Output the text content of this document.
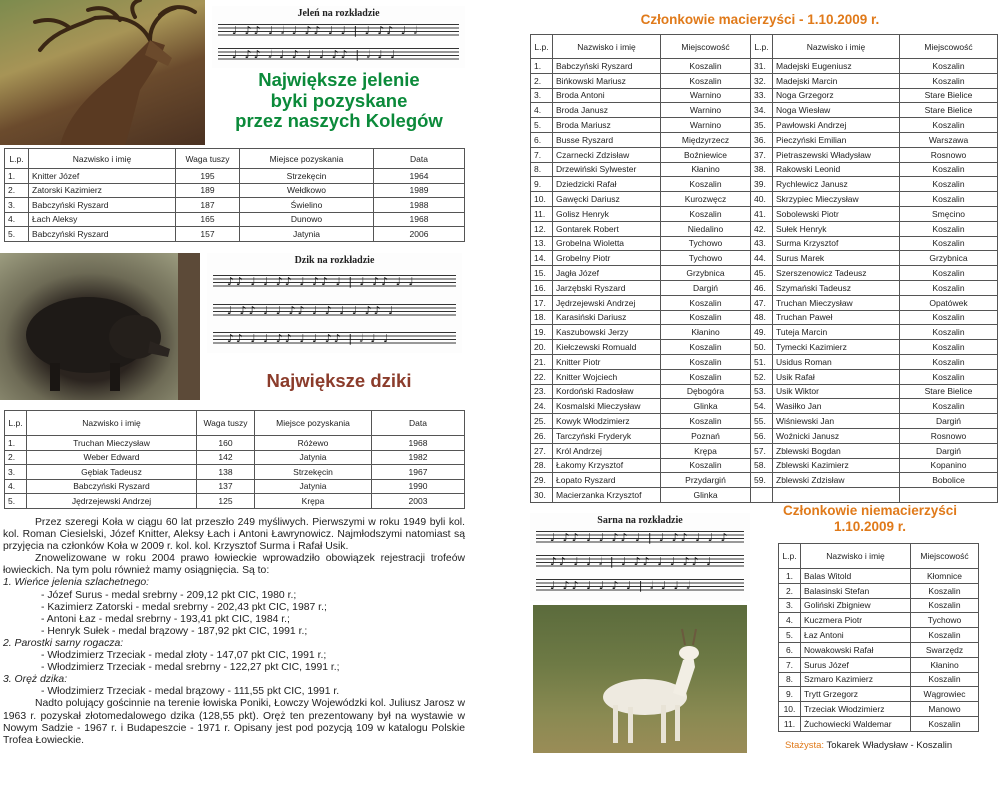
Jeleń na rozkładzie
♩ ♪♪ ♩ 𝅗𝅥 ♩ ♪♪ ♩ ♩ | ♩ ♪♪ ♩ 𝅗𝅥
♩ ♪♪ 𝅗𝅥 ♩ ♪ ♩ ♩ ♪♪ | 𝅗𝅥 ♩ ♩
Największe jelenie
byki pozyskane
przez naszych Kolegów
L.p.	Nazwisko i imię	Waga tuszy	Miejsce pozyskania	Data
1.	Knitter Józef	195	Strzekęcin	1964
2.	Zatorski Kazimierz	189	Wełdkowo	1989
3.	Babczyński Ryszard	187	Świelino	1988
4.	Łach Aleksy	165	Dunowo	1968
5.	Babczyński Ryszard	157	Jatynia	2006
Dzik na rozkładzie
♪♪ ♩ ♩ ♪♪ ♩ ♪♪ ♩ | ♩ ♪♪ ♩ ♩
♩ ♪♪ ♩ ♩ ♪♪ ♩ ♪ ♩ ♩ ♪♪ ♩
♪♪ ♩ ♩ ♪♪ ♩ ♩ ♪♪ | 𝅗𝅥 ♩ ♩
Największe dziki
L.p.	Nazwisko i imię	Waga tuszy	Miejsce pozyskania	Data
1.	Truchan Mieczysław	160	Różewo	1968
2.	Weber Edward	142	Jatynia	1982
3.	Gębiak Tadeusz	138	Strzekęcin	1967
4.	Babczyński Ryszard	137	Jatynia	1990
5.	Jędrzejewski Andrzej	125	Krępa	2003

Przez szeregi Koła w ciągu 60 lat przeszło 249 myśliwych. Pierwszymi w roku 1949 byli kol. kol. Roman Ciesielski, Józef Knitter, Aleksy Łach i Antoni Ławrynowicz. Najmłodszymi natomiast są przyjęcia na członków Koła w 2009 r. kol. kol. Krzysztof Surma i Rafał Usik.

Znowelizowane w roku 2004 prawo łowieckie wprowadziło obowiązek rejestracji trofeów łowieckich. Na tym polu również mamy osiągnięcia. Są to:

1. Wieńce jelenia szlachetnego:

- Józef Surus - medal srebrny - 209,12 pkt CIC, 1980 r.;

- Kazimierz Zatorski - medal srebrny - 202,43 pkt CIC, 1987 r.;

- Antoni Łaz - medal srebrny - 193,41 pkt CIC, 1984 r.;

- Henryk Sułek - medal brązowy - 187,92 pkt CIC, 1991 r.;

2. Parostki sarny rogacza:

- Włodzimierz Trzeciak - medal złoty - 147,07 pkt CIC, 1991 r.;

- Włodzimierz Trzeciak - medal srebrny - 122,27 pkt CIC, 1991 r.;

3. Oręż dzika:

- Włodzimierz Trzeciak - medal brązowy - 111,55 pkt CIC, 1991 r.

Nadto polujący gościnnie na terenie łowiska Poniki, Łowczy Wojewódzki kol. Juliusz Jarosz w 1963 r. pozyskał złotomedalowego dzika (128,55 pkt). Oręż ten prezentowany był na wystawie w Nowym Sadzie - 1967 r. i Budapeszcie - 1971 r. Opisany jest pod pozycją 109 w katalogu Polskie Trofea Łowieckie.

Członkowie macierzyści - 1.10.2009 r.
L.p.	Nazwisko i imię	Miejscowość	L.p.	Nazwisko i imię	Miejscowość
1.	Babczyński Ryszard	Koszalin	31.	Madejski Eugeniusz	Koszalin
2.	Bińkowski Mariusz	Koszalin	32.	Madejski Marcin	Koszalin
3.	Broda Antoni	Warnino	33.	Noga Grzegorz	Stare Bielice
4.	Broda Janusz	Warnino	34.	Noga Wiesław	Stare Bielice
5.	Broda Mariusz	Warnino	35.	Pawłowski Andrzej	Koszalin
6.	Busse Ryszard	Międzyrzecz	36.	Pieczyński Emilian	Warszawa
7.	Czarnecki Zdzisław	Boźniewice	37.	Pietraszewski Władysław	Rosnowo
8.	Drzewiński Sylwester	Kłanino	38.	Rakowski Leonid	Koszalin
9.	Dziedzicki Rafał	Koszalin	39.	Rychlewicz Janusz	Koszalin
10.	Gawęcki Dariusz	Kurozwęcz	40.	Skrzypiec Mieczysław	Koszalin
11.	Golisz Henryk	Koszalin	41.	Sobolewski Piotr	Smęcino
12.	Gontarek Robert	Niedalino	42.	Sułek Henryk	Koszalin
13.	Grobelna Wioletta	Tychowo	43.	Surma Krzysztof	Koszalin
14.	Grobelny Piotr	Tychowo	44.	Surus Marek	Grzybnica
15.	Jagła Józef	Grzybnica	45.	Szerszenowicz Tadeusz	Koszalin
16.	Jarzębski Ryszard	Dargiń	46.	Szymański Tadeusz	Koszalin
17.	Jędrzejewski Andrzej	Koszalin	47.	Truchan Mieczysław	Opatówek
18.	Karasiński Dariusz	Koszalin	48.	Truchan Paweł	Koszalin
19.	Kaszubowski Jerzy	Kłanino	49.	Tuteja Marcin	Koszalin
20.	Kiełczewski Romuald	Koszalin	50.	Tymecki Kazimierz	Koszalin
21.	Knitter Piotr	Koszalin	51.	Usidus Roman	Koszalin
22.	Knitter Wojciech	Koszalin	52.	Usik Rafał	Koszalin
23.	Kordoński Radosław	Dębogóra	53.	Usik Wiktor	Stare Bielice
24.	Kosmalski Mieczysław	Glinka	54.	Wasiłko Jan	Koszalin
25.	Kowyk Włodzimierz	Koszalin	55.	Wiśniewski Jan	Dargiń
26.	Tarczyński Fryderyk	Poznań	56.	Woźnicki Janusz	Rosnowo
27.	Król Andrzej	Krępa	57.	Zblewski Bogdan	Dargiń
28.	Łakomy Krzysztof	Koszalin	58.	Zblewski Kazimierz	Kopanino
29.	Łopato Ryszard	Przydargiń	59.	Zblewski Zdzisław	Bobolice
30.	Macierzanka Krzysztof	Glinka			
Sarna na rozkładzie
♩ ♪♪ ♩ ♩ ♪♪ ♩ | ♩ ♪♪ ♩ ♩ ♪
♪♪ ♩ ♩ 𝅗𝅥 | ♩ ♪♪ ♩ ♩ ♪♪ ♩
♩ ♪♪ ♩ ♩ ♪ ♩ | 𝅗𝅥 ♩ ♩ 𝅗𝅥
Członkowie niemacierzyści
1.10.2009 r.
L.p.	Nazwisko i imię	Miejscowość
1.	Balas Witold	Kłomnice
2.	Balasinski Stefan	Koszalin
3.	Goliński Zbigniew	Koszalin
4.	Kuczmera Piotr	Tychowo
5.	Łaz Antoni	Koszalin
6.	Nowakowski Rafał	Swarzędz
7.	Surus Józef	Kłanino
8.	Szmaro Kazimierz	Koszalin
9.	Trytt Grzegorz	Wągrowiec
10.	Trzeciak Włodzimierz	Manowo
11.	Żuchowiecki Waldemar	Koszalin
Stażysta: Tokarek Władysław - Koszalin
